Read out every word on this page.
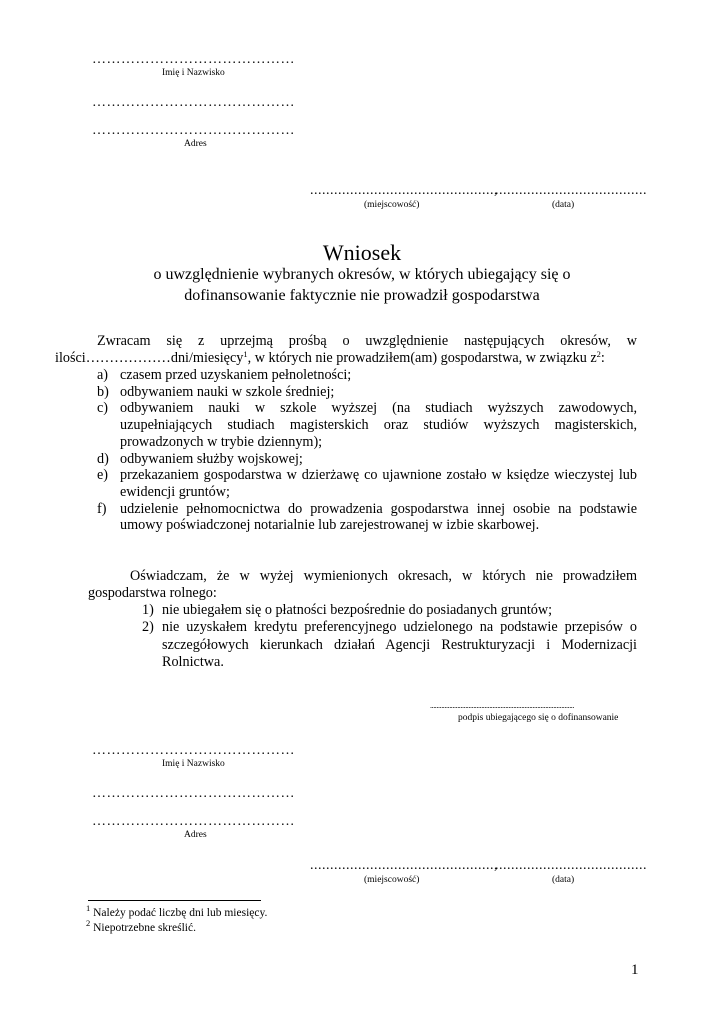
……………………………………
Imię i Nazwisko
……………………………………
……………………………………
Adres
..............................................,
......................................
(miejscowość)	(data)
Wniosek
o uwzględnienie wybranych okresów, w których ubiegający się o
dofinansowanie faktycznie nie prowadził gospodarstwa
Zwracam się z uprzejmą prośbą o uwzględnienie następujących okresów, w
ilości………………dni/miesięcy$^1$, w których nie prowadziłem(am) gospodarstwa, w związku $z^2$:
a) czasem przed uzyskaniem pełnoletności;
b) odbywaniem nauki w szkole średniej;
c) odbywaniem nauki w szkole wyższej (na studiach wyższych zawodowych,
uzupełniających studiach magisterskich oraz studiów wyższych magisterskich,
prowadzonych w trybie dziennym);
d) odbywaniem służby wojskowej;
e) przekazaniem gospodarstwa w dzierżawę co ujawnione zostało w księdze wieczystej lub
ewidencji gruntów;
f) udzielenie pełnomocnictwa do prowadzenia gospodarstwa innej osobie na podstawie
umowy poświadczonej notarialnie lub zarejestrowanej w izbie skarbowej.
Oświadczam, że w wyżej wymienionych okresach, w których nie prowadziłem
gospodarstwa rolnego:
1) nie ubiegałem się o płatności bezpośrednie do posiadanych gruntów;
2) nie uzyskałem kredytu preferencyjnego udzielonego na podstawie przepisów o
szczegółowych kierunkach działań Agencji Restrukturyzacji i Modernizacji
Rolnictwa.
..........................................................................................
podpis ubiegającego się o dofinansowanie
……………………………………
Imię i Nazwisko
……………………………………
……………………………………
Adres
..............................................,
......................................
(miejscowość)	(data)
$^1$ Należy podać liczbę dni lub miesięcy.
$^2$ Niepotrzebne skreślić.
1
